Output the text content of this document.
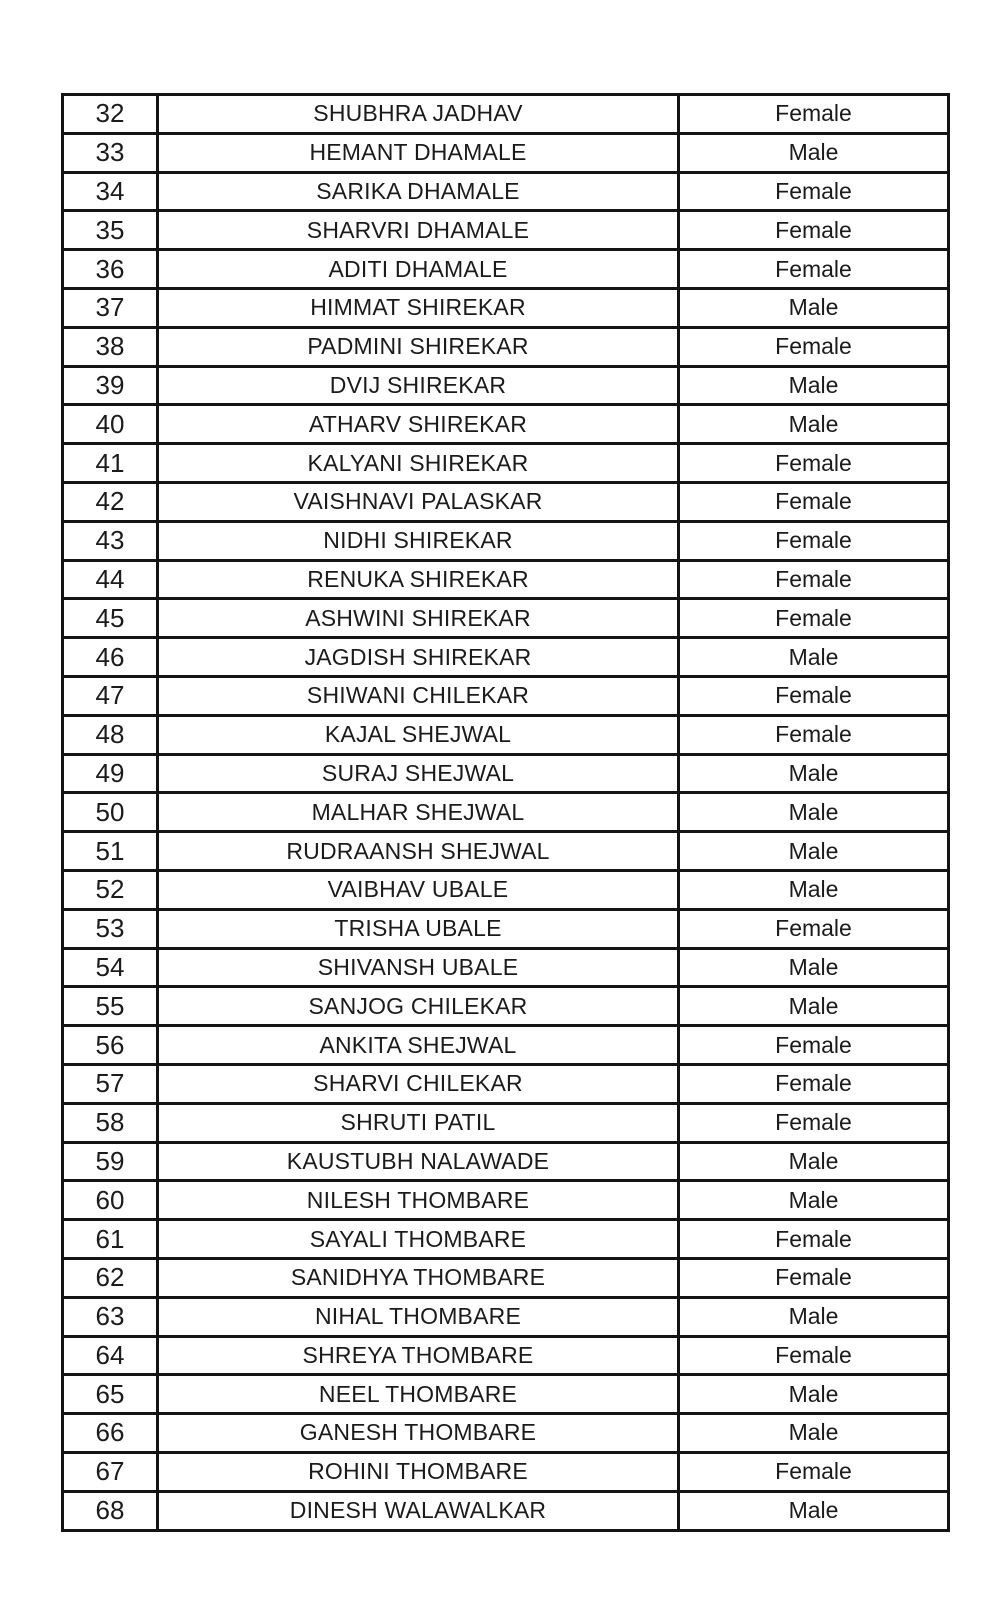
32	SHUBHRA JADHAV	Female
33	HEMANT DHAMALE	Male
34	SARIKA DHAMALE	Female
35	SHARVRI DHAMALE	Female
36	ADITI DHAMALE	Female
37	HIMMAT SHIREKAR	Male
38	PADMINI SHIREKAR	Female
39	DVIJ SHIREKAR	Male
40	ATHARV SHIREKAR	Male
41	KALYANI SHIREKAR	Female
42	VAISHNAVI PALASKAR	Female
43	NIDHI SHIREKAR	Female
44	RENUKA SHIREKAR	Female
45	ASHWINI SHIREKAR	Female
46	JAGDISH SHIREKAR	Male
47	SHIWANI CHILEKAR	Female
48	KAJAL SHEJWAL	Female
49	SURAJ SHEJWAL	Male
50	MALHAR SHEJWAL	Male
51	RUDRAANSH SHEJWAL	Male
52	VAIBHAV UBALE	Male
53	TRISHA UBALE	Female
54	SHIVANSH UBALE	Male
55	SANJOG CHILEKAR	Male
56	ANKITA SHEJWAL	Female
57	SHARVI CHILEKAR	Female
58	SHRUTI PATIL	Female
59	KAUSTUBH NALAWADE	Male
60	NILESH THOMBARE	Male
61	SAYALI THOMBARE	Female
62	SANIDHYA THOMBARE	Female
63	NIHAL THOMBARE	Male
64	SHREYA THOMBARE	Female
65	NEEL THOMBARE	Male
66	GANESH THOMBARE	Male
67	ROHINI THOMBARE	Female
68	DINESH WALAWALKAR	Male
